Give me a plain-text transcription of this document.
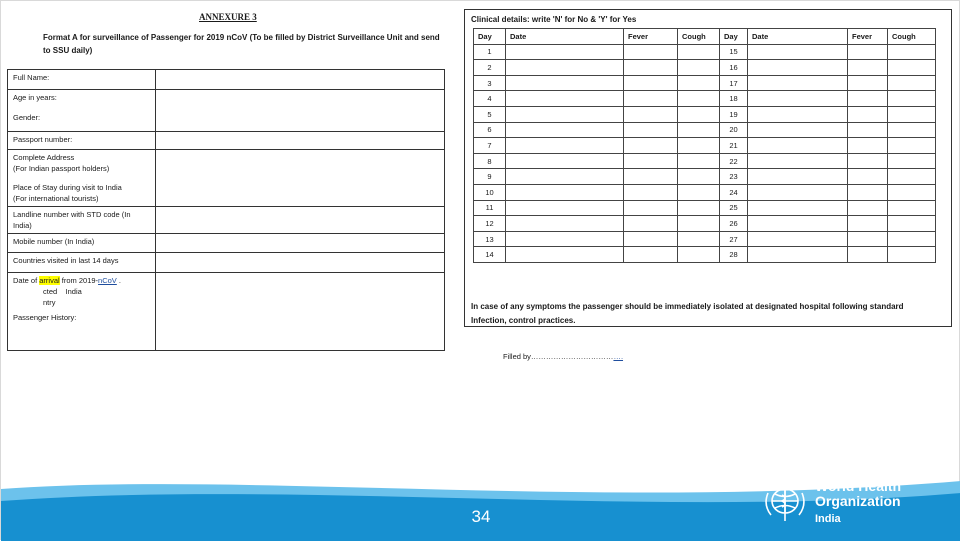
ANNEXURE 3
Format A for surveillance of Passenger for 2019 nCoV (To be filled by District Surveillance Unit and send to SSU daily)
Full Name:	

Age in years:
Gender:	

Passport number:	

Complete Address
(For Indian passport holders)
Place of Stay during visit to India
(For international tourists)	

Landline number with STD code (In India)	
Mobile number (In India)	
Countries visited in last 14 days	

Date of arrival from 2019-nCoV .
cted India
ntry
Passenger History:	

Clinical details: write 'N' for No & 'Y' for Yes
Day	Date	Fever	Cough	Day	Date	Fever	Cough
1				15			
2				16			
3				17			
4				18			
5				19			
6				20			
7				21			
8				22			
9				23			
10				24			
11				25			
12				26			
13				27			
14				28			
In case of any symptoms the passenger should be immediately isolated at designated hospital following standard Infection, control practices.
Filled by……………………………….
34
World Health
Organization
India
